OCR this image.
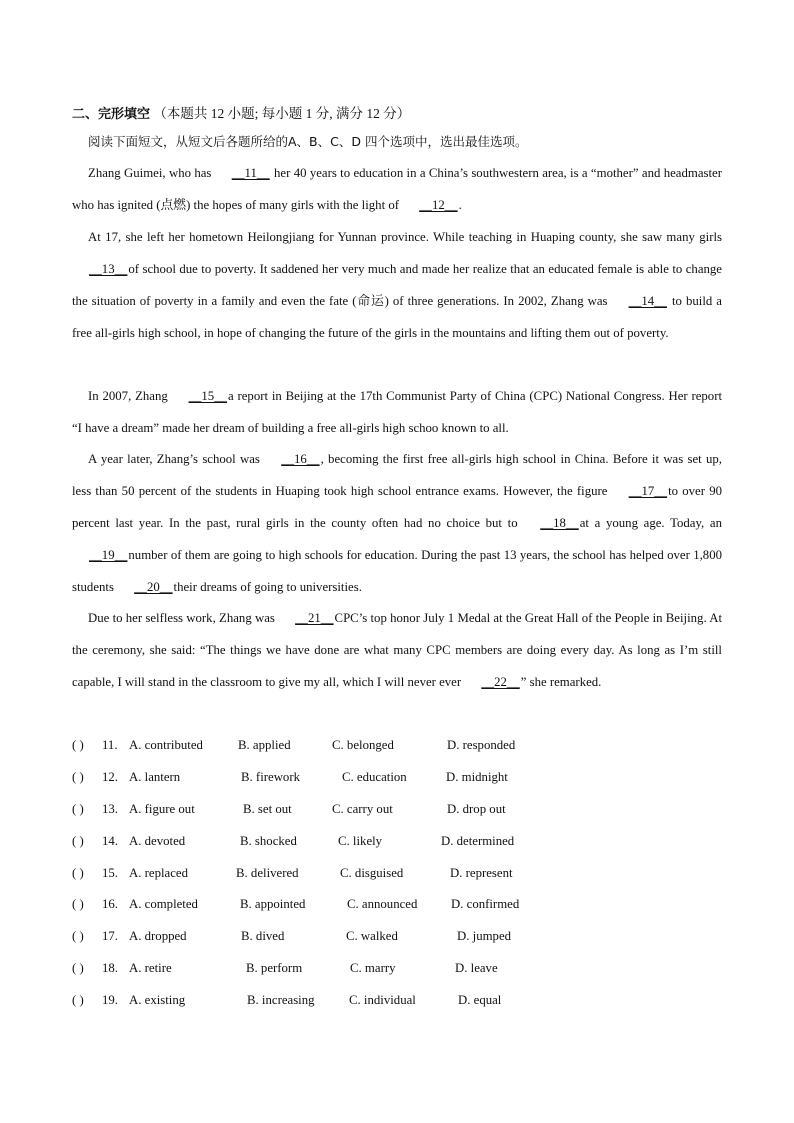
二、完形填空 （本题共 12 小题; 每小题 1 分, 满分 12 分）
阅读下面短文，从短文后各题所给的A、B、C、D 四个选项中，选出最佳选项。

Zhang Guimei, who has __11__ her 40 years to education in a China’s southwestern area, is a “mother” and headmaster who has ignited (点燃) the hopes of many girls with the light of __12__.

At 17, she left her hometown Heilongjiang for Yunnan province. While teaching in Huaping county, she saw many girls __13__of school due to poverty. It saddened her very much and made her realize that an educated female is able to change the situation of poverty in a family and even the fate (命运) of three generations. In 2002, Zhang was __14__ to build a free all-girls high school, in hope of changing the future of the girls in the mountains and lifting them out of poverty.

In 2007, Zhang __15__a report in Beijing at the 17th Communist Party of China (CPC) National Congress. Her report “I have a dream” made her dream of building a free all-girls high schoo known to all.

A year later, Zhang’s school was __16__, becoming the first free all-girls high school in China. Before it was set up, less than 50 percent of the students in Huaping took high school entrance exams. However, the figure __17__to over 90 percent last year. In the past, rural girls in the county often had no choice but to __18__at a young age. Today, an __19__number of them are going to high schools for education. During the past 13 years, the school has helped over 1,800 students __20__their dreams of going to universities.

Due to her selfless work, Zhang was __21__CPC’s top honor July 1 Medal at the Great Hall of the People in Beijing. At the ceremony, she said: “The things we have done are what many CPC members are doing every day. As long as I’m still capable, I will stand in the classroom to give my all, which I will never ever __22__” she remarked.

( ) 11. A. contributed	B. applied	C. belonged	D. responded
( ) 12. A. lantern	B. firework	C. education	D. midnight
( ) 13. A. figure out	B. set out	C. carry out	D. drop out
( ) 14. A. devoted	B. shocked	C. likely	D. determined
( ) 15. A. replaced	B. delivered	C. disguised	D. represent
( ) 16. A. completed	B. appointed	C. announced	D. confirmed
( ) 17. A. dropped	B. dived	C. walked	D. jumped
( ) 18. A. retire	B. perform	C. marry	D. leave
( ) 19. A. existing	B. increasing	C. individual	D. equal
